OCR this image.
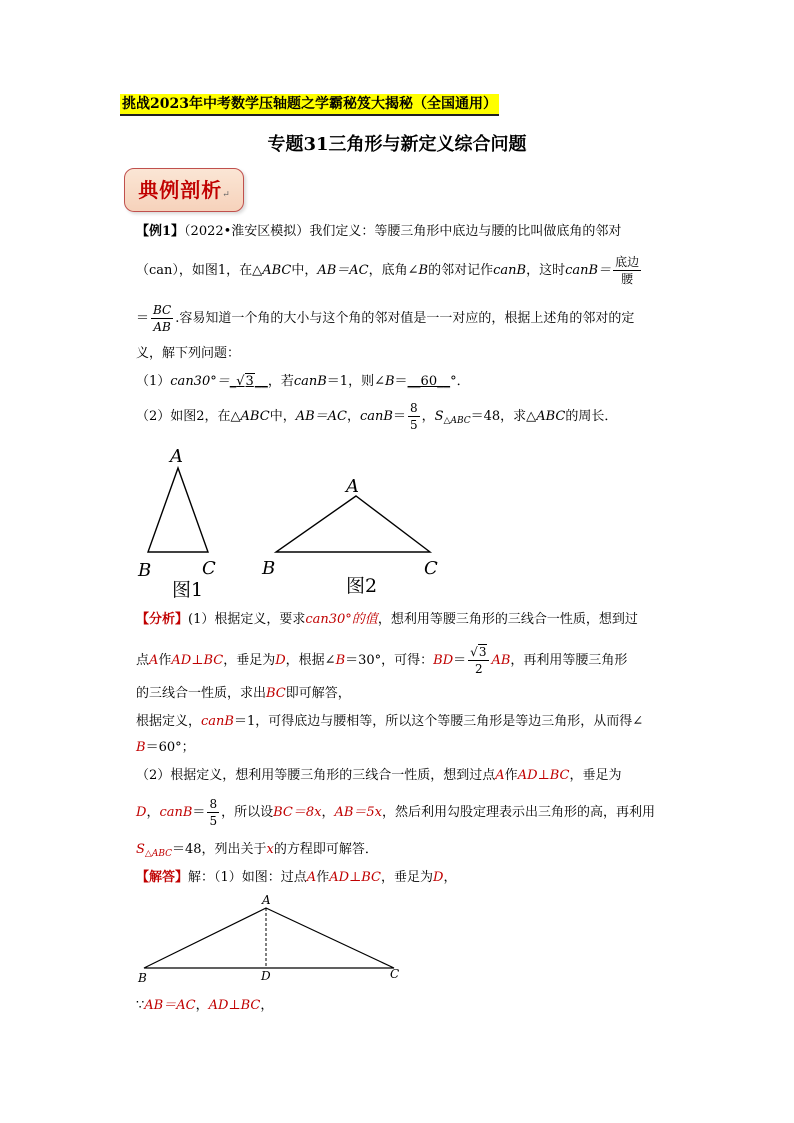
挑战2023年中考数学压轴题之学霸秘笈大揭秘（全国通用）
专题31三角形与新定义综合问题
典例剖析↵
【例1】（2022•淮安区模拟）我们定义：等腰三角形中底边与腰的比叫做底角的邻对
（can），如图1，在△ABC中，AB＝AC，底角∠B的邻对记作canB，这时canB＝ $\frac{\text{底边}}{\text{腰}}$
＝ $\frac{BC}{AB}$ .容易知道一个角的大小与这个角的邻对值是一一对应的，根据上述角的邻对的定
义，解下列问题：
（1）can30°＝_√3__，若canB＝1，则∠B＝__60__°．
（2）如图2，在△ABC中，AB＝AC，canB＝ $\frac{8}{5}$ ，$S_{\triangle ABC}=48$，求△ABC的周长．
A
B	C
图1
A
B	C
图2
【分析】(1）根据定义，要求can30°的值，想利用等腰三角形的三线合一性质，想到过
点A作AD⊥BC，垂足为D，根据∠B＝30°，可得：$BD= \frac{√3}{2}$ AB，再利用等腰三角形
的三线合一性质，求出BC即可解答，
根据定义，canB＝1，可得底边与腰相等，所以这个等腰三角形是等边三角形，从而得∠
B＝60°；
（2）根据定义，想利用等腰三角形的三线合一性质，想到过点A作AD⊥BC，垂足为
D，canB＝ $\frac{8}{5}$ ，所以设BC＝8x，AB＝5x，然后利用勾股定理表示出三角形的高，再利用
$S_{\triangle ABC}=48$，列出关于x的方程即可解答．
【解答】解：（1）如图：过点A作AD⊥BC，垂足为D，
A
B	C
D
∵AB＝AC，AD⊥BC，
